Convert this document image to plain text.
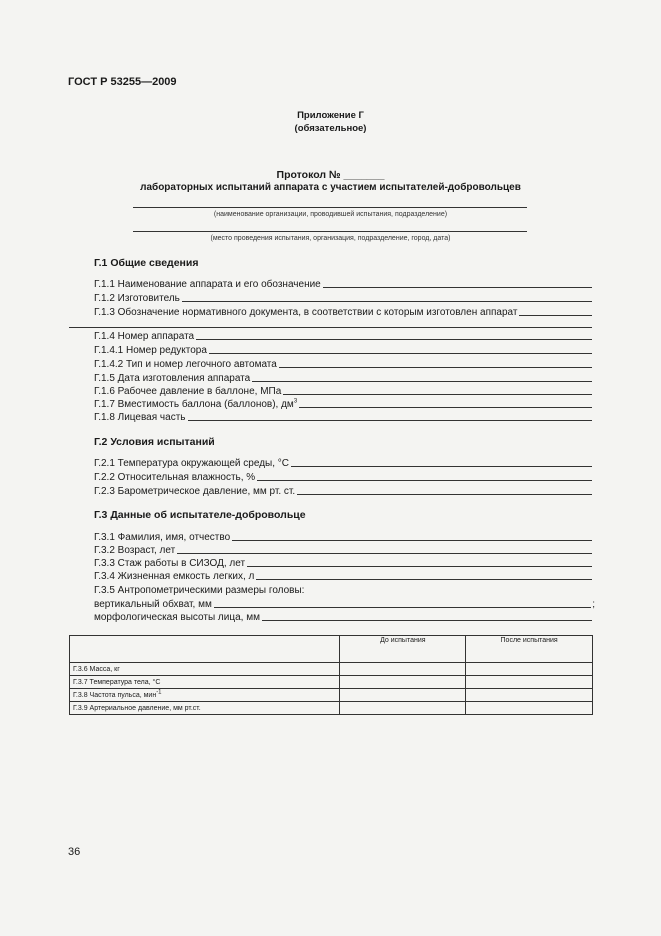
ГОСТ Р 53255—2009
Приложение Г
(обязательное)
Протокол № _______
лабораторных испытаний аппарата с участием испытателей-добровольцев
(наименование организации, проводившей испытания, подразделение)
(место проведения испытания, организация, подразделение, город, дата)
Г.1 Общие сведения
Г.1.1 Наименование аппарата и его обозначение
Г.1.2 Изготовитель
Г.1.3 Обозначение нормативного документа, в соответствии с которым изготовлен аппарат
Г.1.4 Номер аппарата
Г.1.4.1 Номер редуктора
Г.1.4.2 Тип и номер легочного автомата
Г.1.5 Дата изготовления аппарата
Г.1.6 Рабочее давление в баллоне, МПа
Г.1.7 Вместимость баллона (баллонов), $дм^3$
Г.1.8 Лицевая часть
Г.2 Условия испытаний
Г.2.1 Температура окружающей среды, °С
Г.2.2 Относительная влажность, %
Г.2.3 Барометрическое давление, мм рт. ст.
Г.3 Данные об испытателе-добровольце
Г.3.1 Фамилия, имя, отчество
Г.3.2 Возраст, лет
Г.3.3 Стаж работы в СИЗОД, лет
Г.3.4 Жизненная емкость легких, л
Г.3.5 Антропометрическими размеры головы:
вертикальный обхват, мм	;
морфологическая высоты лица, мм
	До испытания	После испытания
Г.3.6 Масса, кг		
Г.3.7 Температура тела, °С		
Г.3.8 Частота пульса, мин$^{-1}$		
Г.3.9 Артериальное давление, мм рт.ст.		
36
